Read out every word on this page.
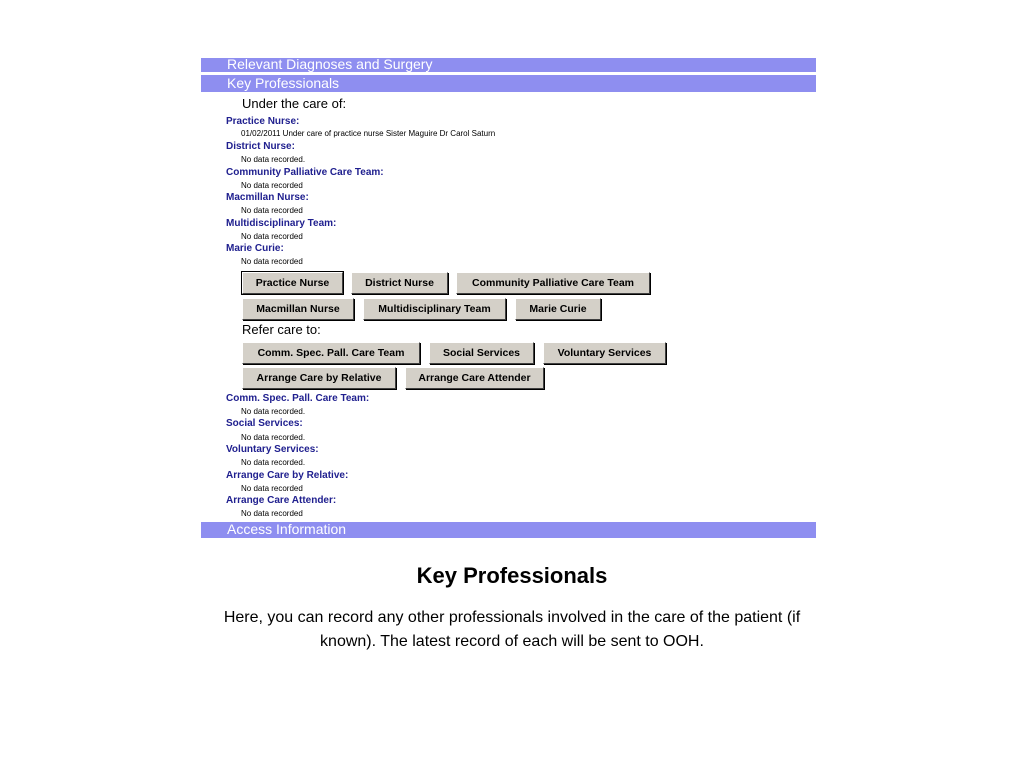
Relevant Diagnoses and Surgery
Key Professionals
Under the care of:
Practice Nurse:
01/02/2011 Under care of practice nurse Sister Maguire Dr Carol Saturn
District Nurse:
No data recorded.
Community Palliative Care Team:
No data recorded
Macmillan Nurse:
No data recorded
Multidisciplinary Team:
No data recorded
Marie Curie:
No data recorded
Practice Nurse	District Nurse	Community Palliative Care Team
Macmillan Nurse	Multidisciplinary Team	Marie Curie
Refer care to:
Comm. Spec. Pall. Care Team	Social Services	Voluntary Services
Arrange Care by Relative	Arrange Care Attender
Comm. Spec. Pall. Care Team:
No data recorded.
Social Services:
No data recorded.
Voluntary Services:
No data recorded.
Arrange Care by Relative:
No data recorded
Arrange Care Attender:
No data recorded
Access Information
Key Professionals
Here, you can record any other professionals involved in the care of the patient (if known). The latest record of each will be sent to OOH.
